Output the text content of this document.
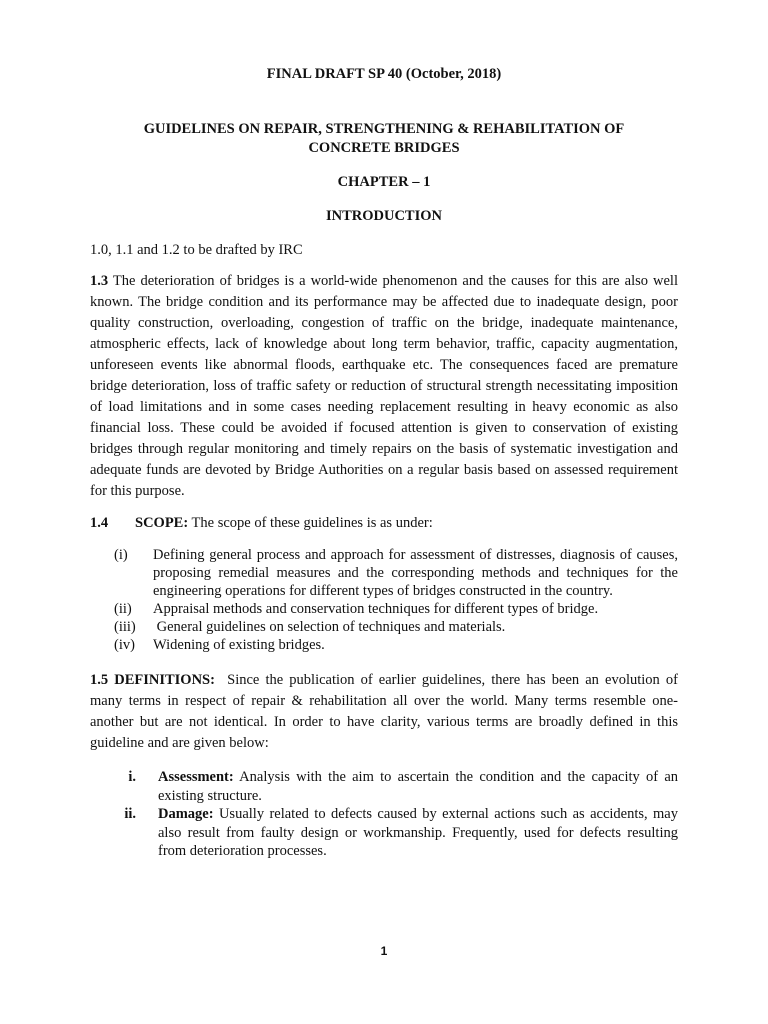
FINAL DRAFT SP 40 (October, 2018)

GUIDELINES ON REPAIR, STRENGTHENING & REHABILITATION OF

CONCRETE BRIDGES

CHAPTER – 1

INTRODUCTION

1.0, 1.1 and 1.2 to be drafted by IRC

1.3 The deterioration of bridges is a world-wide phenomenon and the causes for this are also well known. The bridge condition and its performance may be affected due to inadequate design, poor quality construction, overloading, congestion of traffic on the bridge, inadequate maintenance, atmospheric effects, lack of knowledge about long term behavior, traffic, capacity augmentation, unforeseen events like abnormal floods, earthquake etc. The consequences faced are premature bridge deterioration, loss of traffic safety or reduction of structural strength necessitating imposition of load limitations and in some cases needing replacement resulting in heavy economic as also financial loss. These could be avoided if focused attention is given to conservation of existing bridges through regular monitoring and timely repairs on the basis of systematic investigation and adequate funds are devoted by Bridge Authorities on a regular basis based on assessed requirement for this purpose.

1.4 SCOPE: The scope of these guidelines is as under:

(i)	Defining general process and approach for assessment of distresses, diagnosis of causes, proposing remedial measures and the corresponding methods and techniques for the engineering operations for different types of bridges constructed in the country.
(ii)	Appraisal methods and conservation techniques for different types of bridge.
(iii)	General guidelines on selection of techniques and materials.
(iv)	Widening of existing bridges.

1.5 DEFINITIONS:  Since the publication of earlier guidelines, there has been an evolution of many terms in respect of repair & rehabilitation all over the world. Many terms resemble one-another but are not identical. In order to have clarity, various terms are broadly defined in this guideline and are given below:

i.	Assessment: Analysis with the aim to ascertain the condition and the capacity of an existing structure.
ii.	Damage: Usually related to defects caused by external actions such as accidents, may also result from faulty design or workmanship. Frequently, used for defects resulting from deterioration processes.
1
